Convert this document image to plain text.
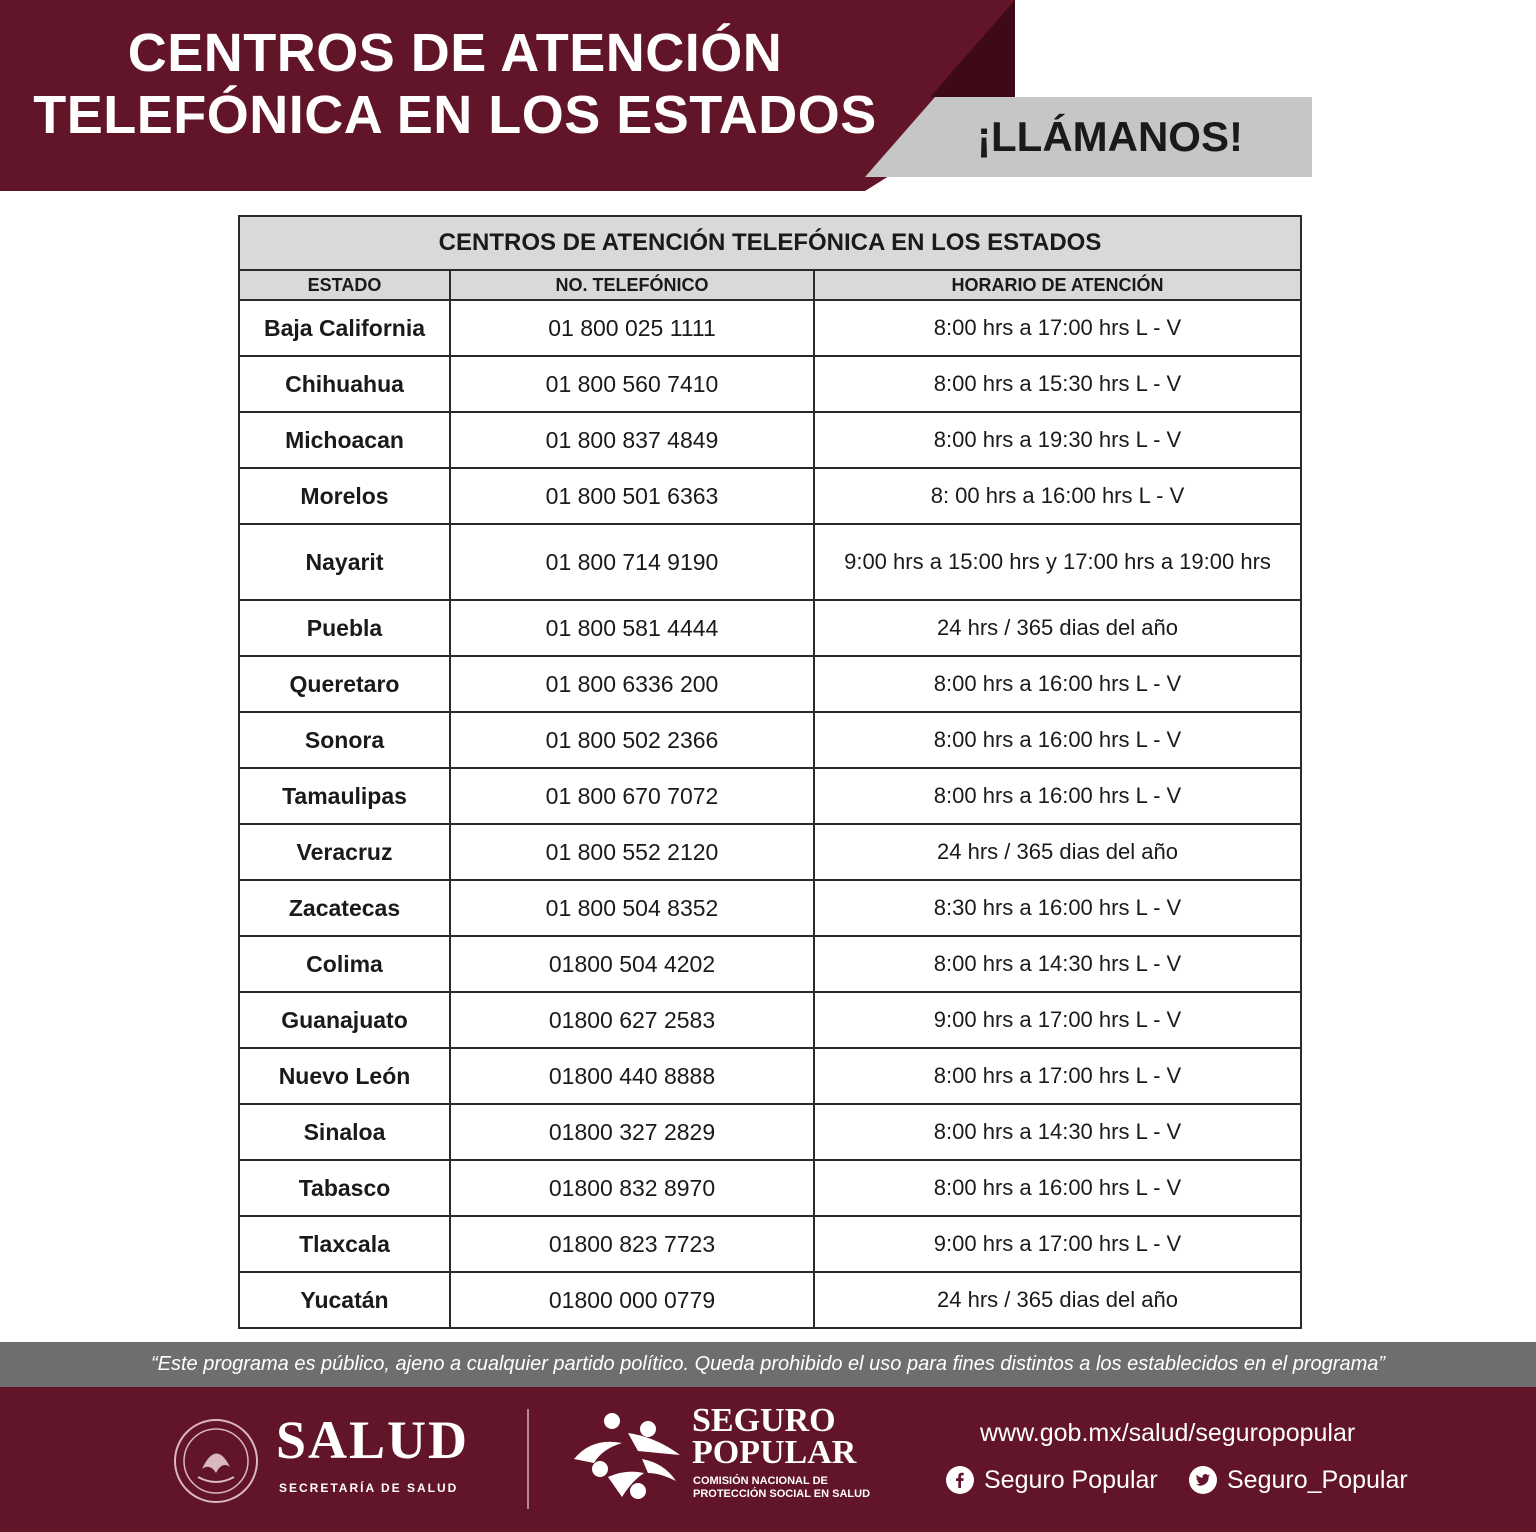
CENTROS DE ATENCIÓN
TELEFÓNICA EN LOS ESTADOS	¡LLÁMANOS!
CENTROS DE ATENCIÓN TELEFÓNICA EN LOS ESTADOS		
ESTADO	NO. TELEFÓNICO	HORARIO DE ATENCIÓN
Baja California	01 800 025 1111	8:00 hrs a 17:00 hrs L - V
Chihuahua	01 800 560 7410	8:00 hrs a 15:30 hrs L - V
Michoacan	01 800 837 4849	8:00 hrs a 19:30 hrs L - V
Morelos	01 800 501 6363	8: 00 hrs a 16:00 hrs L - V
Nayarit	01 800 714 9190	9:00 hrs a 15:00 hrs y 17:00 hrs a 19:00 hrs
Puebla	01 800 581 4444	24 hrs / 365 dias del año
Queretaro	01 800 6336 200	8:00 hrs a 16:00 hrs L - V
Sonora	01 800 502 2366	8:00 hrs a 16:00 hrs L - V
Tamaulipas	01 800 670 7072	8:00 hrs a 16:00 hrs L - V
Veracruz	01 800 552 2120	24 hrs / 365 dias del año
Zacatecas	01 800 504 8352	8:30 hrs a 16:00 hrs L - V
Colima	01800 504 4202	8:00 hrs a 14:30 hrs L - V
Guanajuato	01800 627 2583	9:00 hrs a 17:00 hrs L - V
Nuevo León	01800 440 8888	8:00 hrs a 17:00 hrs L - V
Sinaloa	01800 327 2829	8:00 hrs a 14:30 hrs L - V
Tabasco	01800 832 8970	8:00 hrs a 16:00 hrs L - V
Tlaxcala	01800 823 7723	9:00 hrs a 17:00 hrs L - V
Yucatán	01800 000 0779	24 hrs / 365 dias del año
“Este programa es público, ajeno a cualquier partido político. Queda prohibido el uso para fines distintos a los establecidos en el programa”
SALUD
SECRETARÍA DE SALUD
SEGURO
POPULAR
COMISIÓN NACIONAL DE
PROTECCIÓN SOCIAL EN SALUD
www.gob.mx/salud/seguropopular
Seguro Popular	Seguro_Popular
